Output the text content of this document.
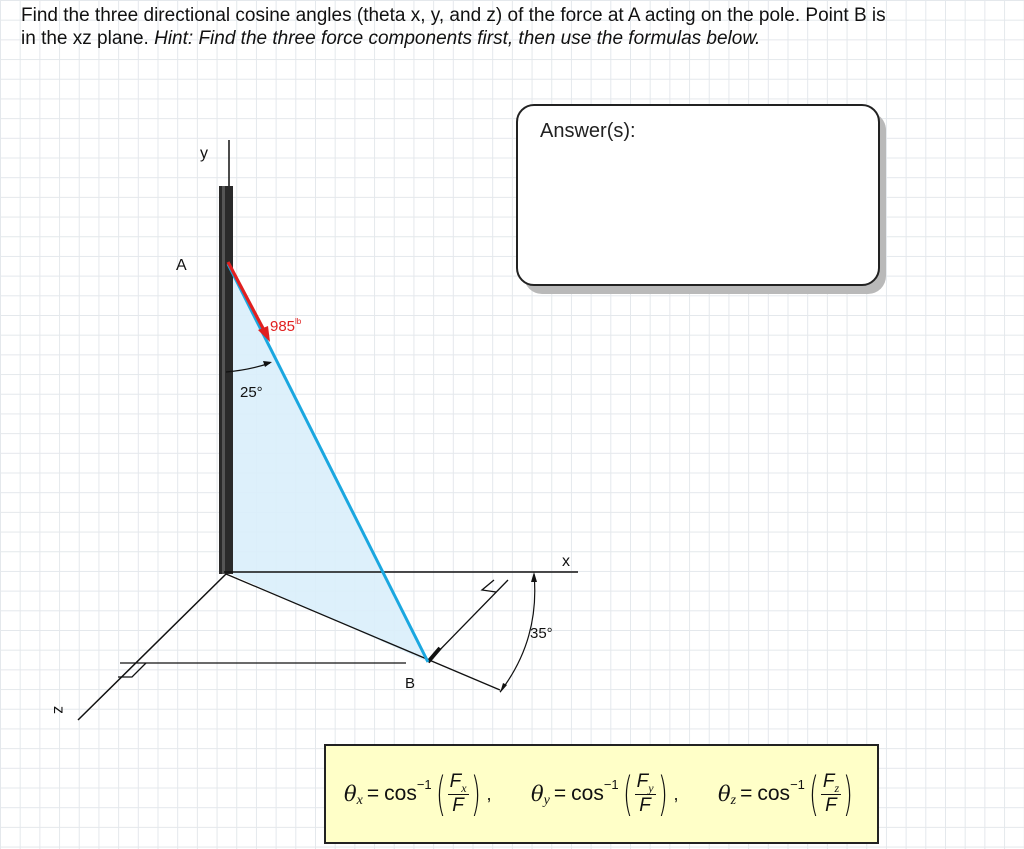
Find the three directional cosine angles (theta x, y, and z) of the force at A acting on the pole. Point B is in the xz plane. Hint: Find the three force components first, then use the formulas below.
Answer(s):
y
x
z
A
B
$985^{lb}$
25°
35°
θ x = cos −1 ( $\frac{F_x}{F}$ ) , θ y = cos −1 ( $\frac{F_y}{F}$ ) , θ z = cos −1 ( $\frac{F_z}{F}$ )
